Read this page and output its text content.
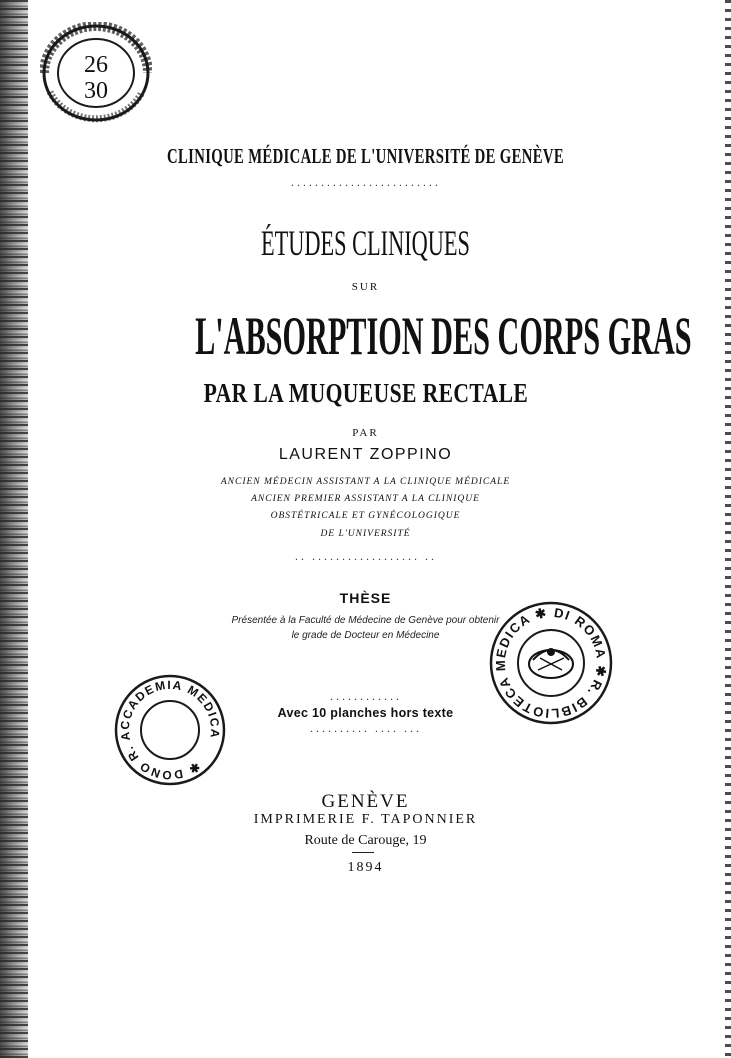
26
30
CLINIQUE MÉDICALE DE L'UNIVERSITÉ DE GENÈVE
·························
ÉTUDES CLINIQUES
SUR
L'ABSORPTION DES CORPS GRAS
PAR LA MUQUEUSE RECTALE
PAR
LAURENT ZOPPINO
ANCIEN MÉDECIN ASSISTANT A LA CLINIQUE MÉDICALE
ANCIEN PREMIER ASSISTANT A LA CLINIQUE
OBSTÉTRICALE ET GYNÉCOLOGIQUE
DE L'UNIVERSITÉ
·· ·················· ··
THÈSE
Présentée à la Faculté de Médecine de Genève pour obtenir
le grade de Docteur en Médecine
············
Avec 10 planches hors texte
·········· ···· ···
R. BIBLIOTECA MEDICA ✱ DI ROMA ✱
✱ DONO R. ACCADEMIA MEDICA
GENÈVE
IMPRIMERIE F. TAPONNIER
Route de Carouge, 19
1894
